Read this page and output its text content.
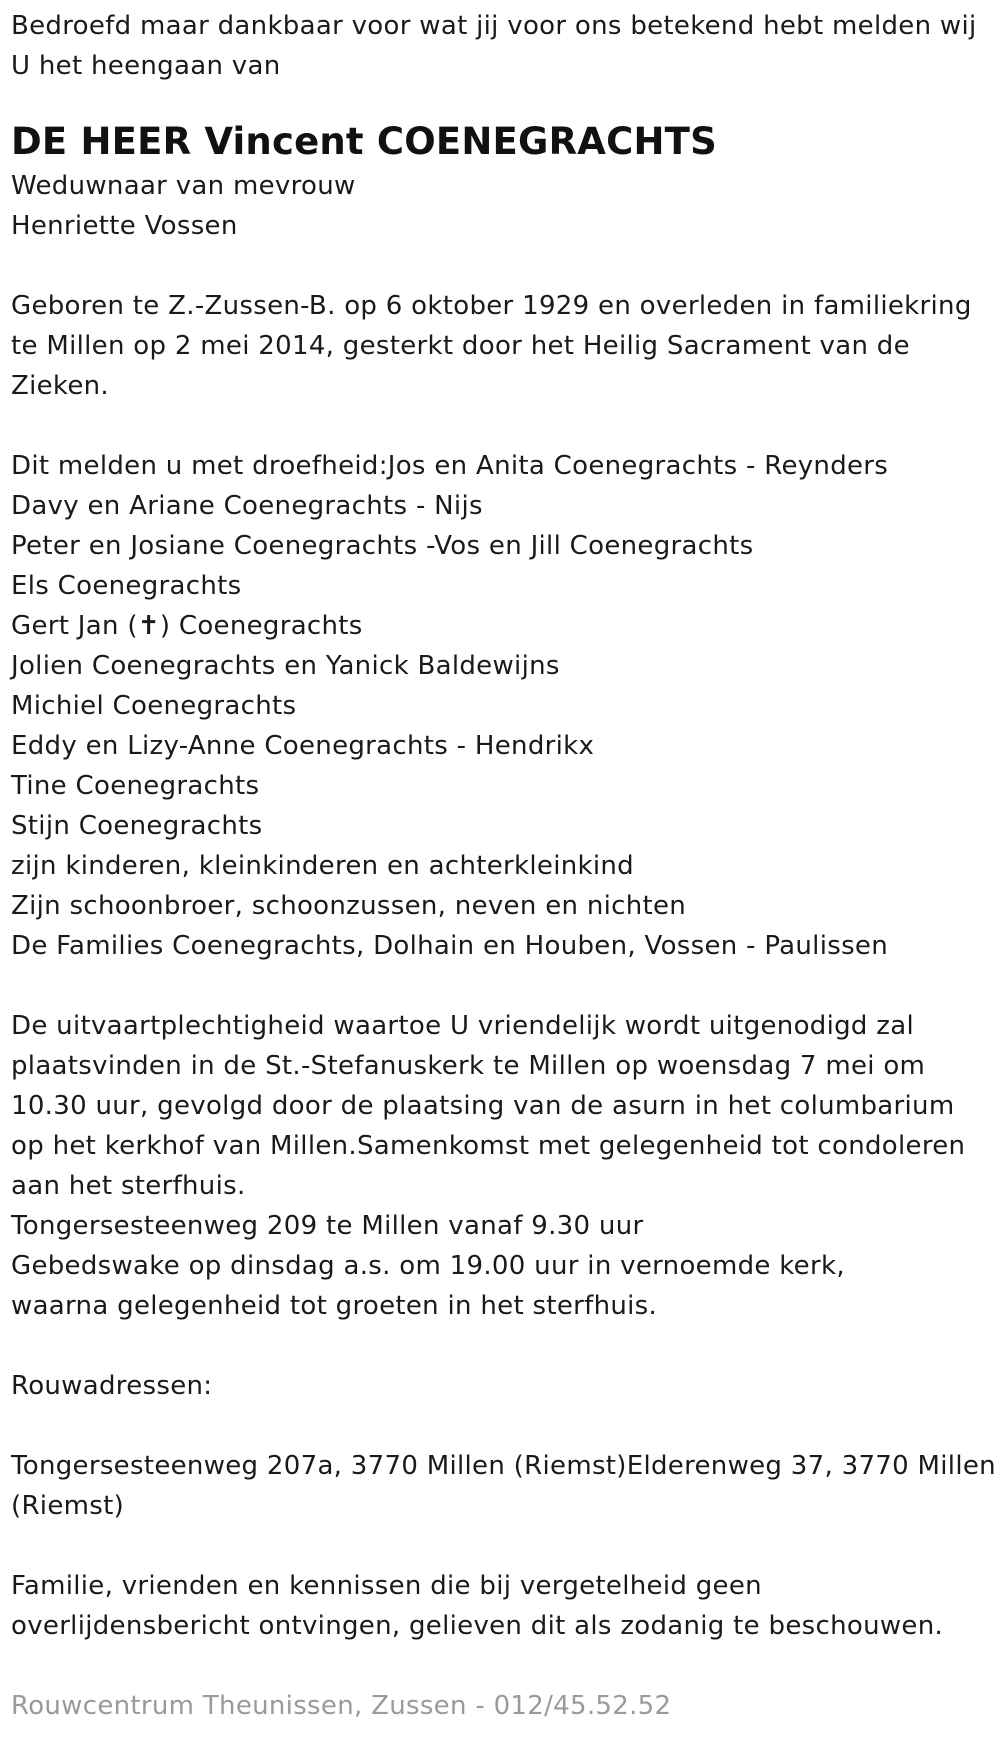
Bedroefd maar dankbaar voor wat jij voor ons betekend hebt melden wij
U het heengaan van
DE HEER Vincent COENEGRACHTS
Weduwnaar van mevrouw
Henriette Vossen
Geboren te Z.-Zussen-B. op 6 oktober 1929 en overleden in familiekring
te Millen op 2 mei 2014, gesterkt door het Heilig Sacrament van de
Zieken.
Dit melden u met droefheid:Jos en Anita Coenegrachts - Reynders
Davy en Ariane Coenegrachts - Nijs
Peter en Josiane Coenegrachts -Vos en Jill Coenegrachts
Els Coenegrachts
Gert Jan (✝) Coenegrachts
Jolien Coenegrachts en Yanick Baldewijns
Michiel Coenegrachts
Eddy en Lizy-Anne Coenegrachts - Hendrikx
Tine Coenegrachts
Stijn Coenegrachts
zijn kinderen, kleinkinderen en achterkleinkind
Zijn schoonbroer, schoonzussen, neven en nichten
De Families Coenegrachts, Dolhain en Houben, Vossen - Paulissen
De uitvaartplechtigheid waartoe U vriendelijk wordt uitgenodigd zal
plaatsvinden in de St.-Stefanuskerk te Millen op woensdag 7 mei om
10.30 uur, gevolgd door de plaatsing van de asurn in het columbarium
op het kerkhof van Millen.Samenkomst met gelegenheid tot condoleren
aan het sterfhuis.
Tongersesteenweg 209 te Millen vanaf 9.30 uur
Gebedswake op dinsdag a.s. om 19.00 uur in vernoemde kerk,
waarna gelegenheid tot groeten in het sterfhuis.
Rouwadressen:
Tongersesteenweg 207a, 3770 Millen (Riemst)Elderenweg 37, 3770 Millen
(Riemst)
Familie, vrienden en kennissen die bij vergetelheid geen
overlijdensbericht ontvingen, gelieven dit als zodanig te beschouwen.
Rouwcentrum Theunissen, Zussen - 012/45.52.52
